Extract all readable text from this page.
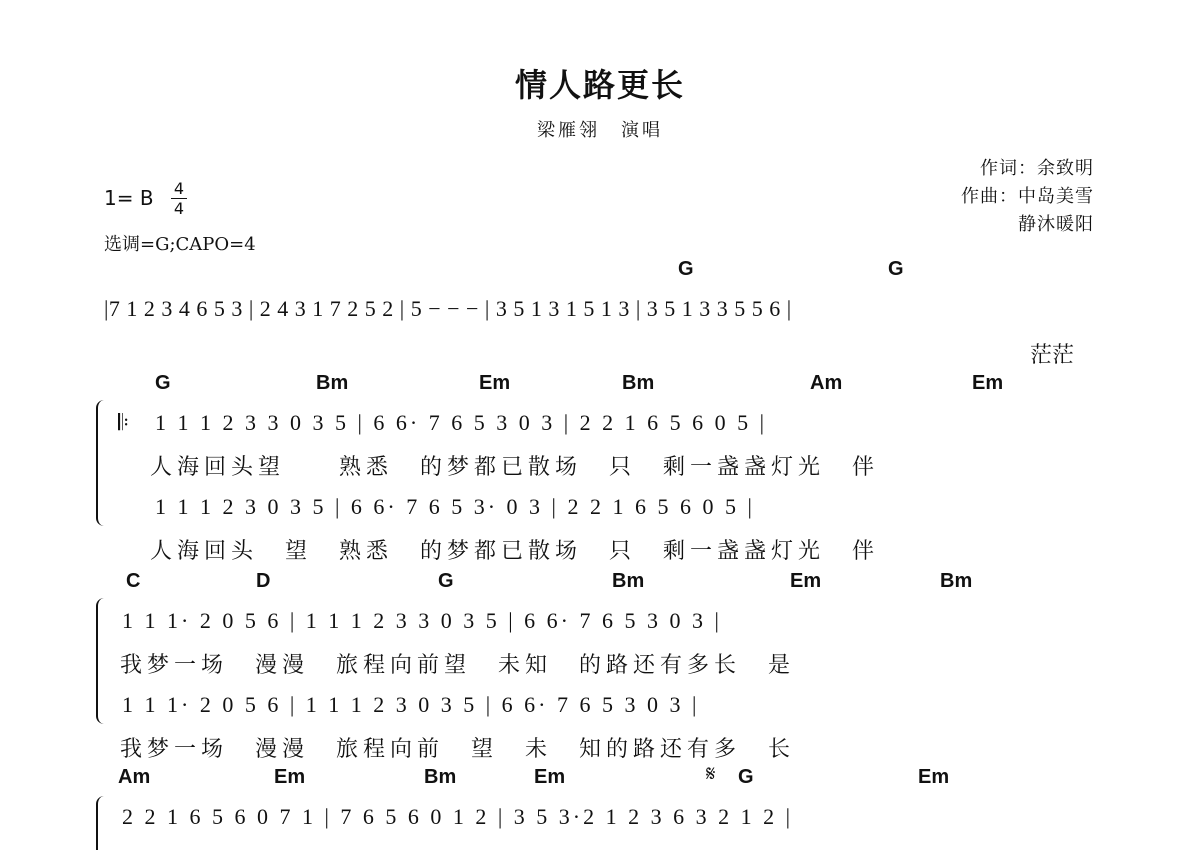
情人路更长
梁雁翎　演唱
作词：余致明
作曲：中岛美雪
静沐暖阳
1= B 4
4
选调=G;CAPO=4
G	G
|7 1 2 3 4 6 5 3 | 2 4 3 1 7 2 5 2 | 5 − − − | 3 5 1 3 1 5 1 3 | 3 5 1 3 3 5 5 6 |
茫茫
G	Bm	Em	Bm	Am	Em
𝄆 1 1 1 2 3 3 0 3 5 | 6 6· 7 6 5 3 0 3 | 2 2 1 6 5 6 0 5 |
人海回头望　　熟悉　的梦都已散场　只　剩一盏盏灯光　伴
1 1 1 2 3 0 3 5 | 6 6· 7 6 5 3· 0 3 | 2 2 1 6 5 6 0 5 |
人海回头　望　熟悉　的梦都已散场　只　剩一盏盏灯光　伴
C	D	G	Bm	Em	Bm
1 1 1· 2 0 5 6 | 1 1 1 2 3 3 0 3 5 | 6 6· 7 6 5 3 0 3 |
我梦一场　漫漫　旅程向前望　未知　的路还有多长　是
1 1 1· 2 0 5 6 | 1 1 1 2 3 0 3 5 | 6 6· 7 6 5 3 0 3 |
我梦一场　漫漫　旅程向前　望　未　知的路还有多　长
Am	Em	Bm	Em	𝄋 G	Em
2 2 1 6 5 6 0 7 1 | 7 6 5 6 0 1 2 | 3 5 3·2 1 2 3 6 3 2 1 2 |
